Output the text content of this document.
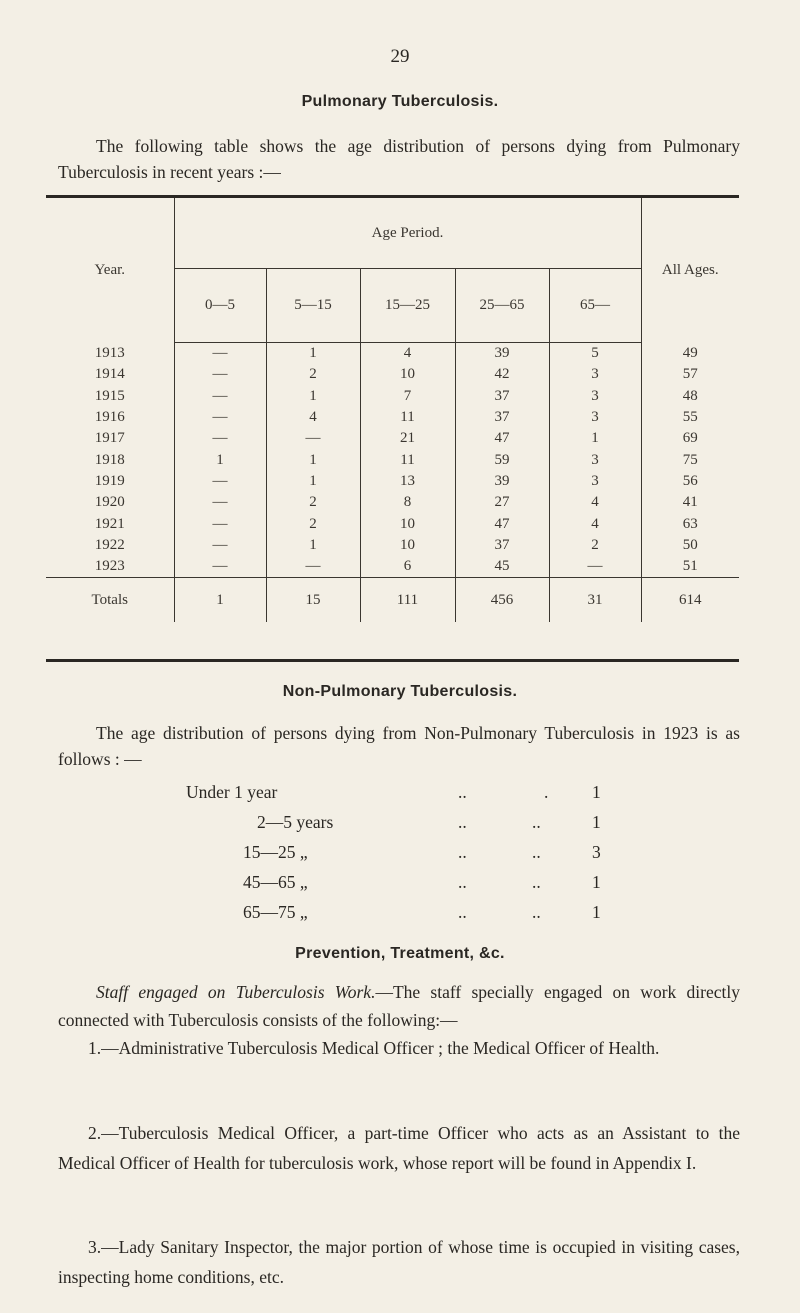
29
Pulmonary Tuberculosis.
The following table shows the age distribution of persons dying from Pulmonary Tuberculosis in recent years :—
Year.	Age Period.					All Ages.
	0—5	5—15	15—25	25—65	65—	
1913	—	1	4	39	5	49
1914	—	2	10	42	3	57
1915	—	1	7	37	3	48
1916	—	4	11	37	3	55
1917	—	—	21	47	1	69
1918	1	1	11	59	3	75
1919	—	1	13	39	3	56
1920	—	2	8	27	4	41
1921	—	2	10	47	4	63
1922	—	1	10	37	2	50
1923	—	—	6	45	—	51
Totals	1	15	111	456	31	614
Non-Pulmonary Tuberculosis.
The age distribution of persons dying from Non-Pulmonary Tuberculosis in 1923 is as follows : —
Under 1 year	..	. 1
2—5 years	..	..	1
15—25 „	..	..	3
45—65 „	..	..	1
65—75 „	..	..	1
Prevention, Treatment, &c.
Staff engaged on Tuberculosis Work.—The staff specially engaged on work directly connected with Tuberculosis consists of the following:—
1.—Administrative Tuberculosis Medical Officer ; the Medical Officer of Health.
2.—Tuberculosis Medical Officer, a part-time Officer who acts as an Assistant to the Medical Officer of Health for tuberculosis work, whose report will be found in Appendix I.
3.—Lady Sanitary Inspector, the major portion of whose time is occupied in visiting cases, inspecting home conditions, etc.
